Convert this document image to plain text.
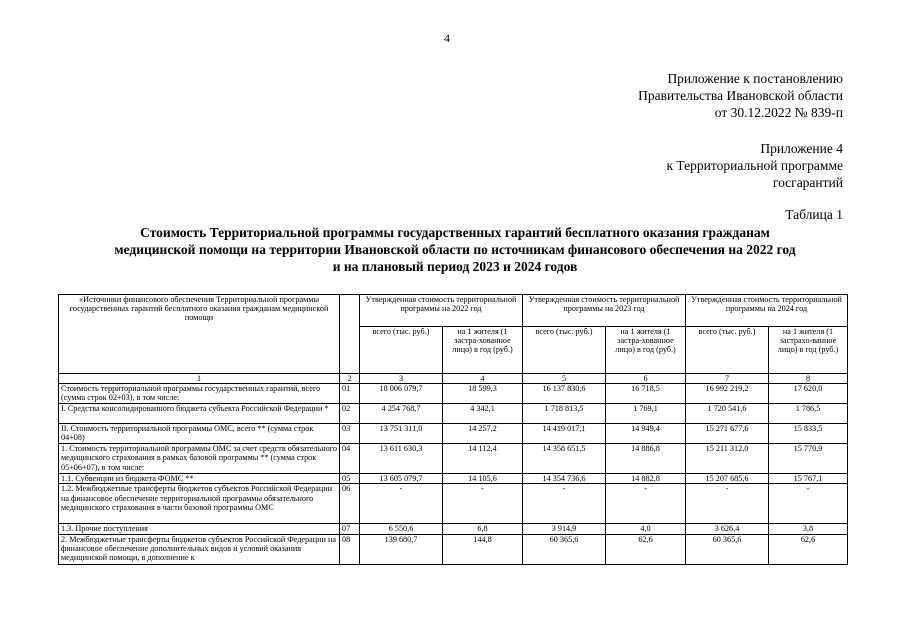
4
Приложение к постановлению
Правительства Ивановской области
от 30.12.2022 № 839-п
Приложение 4
к Территориальной программе
госгарантий
Таблица 1
Стоимость Территориальной программы государственных гарантий бесплатного оказания гражданам
медицинской помощи на территории Ивановской области по источникам финансового обеспечения на 2022 год
и на плановый период 2023 и 2024 годов
«Источники финансового обеспечения Территориальной программы государственных гарантий бесплатного оказания гражданам медицинской помощи		Утвержденная стоимость территориальной программы на 2022 год		Утвержденная стоимость территориальной программы на 2023 год		Утвержденная стоимость территориальной программы на 2024 год	
		всего (тыс. руб.)	на 1 жителя (1 застра-хованное лицо) в год (руб.)	всего (тыс. руб.)	на 1 жителя (1 застра-хованное лицо) в год (руб.)	всего (тыс. руб.)	на 1 жителя (1 застрахо-ванное лицо) в год (руб.)
1	2	3	4	5	6	7	8
Стоимость территориальной программы государственных гарантий, всего (сумма строк 02+03), в том числе:	01	18 006 079,7	18 599,3	16 137 830,6	16 718,5	16 992 219,2	17 620,0
I. Средства консолидированного бюджета субъекта Российской Федерации *	02	4 254 768,7	4 342,1	1 718 813,5	1 769,1	1 720 541,6	1 786,5
II. Стоимость территориальной программы ОМС, всего ** (сумма строк 04+08)	03	13 751 311,0	14 257,2	14 419 017,1	14 949,4	15 271 677,6	15 833,5
1. Стоимость территориальной программы ОМС за счет средств обязательного медицинского страхования в рамках базовой программы ** (сумма строк 05+06+07), в том числе:	04	13 611 630,3	14 112,4	14 358 651,5	14 886,8	15 211 312,0	15 770,9
1.1. Субвенции из бюджета ФОМС **	05	13 605 079,7	14 105,6	14 354 736,6	14 882,8	15 207 685,6	15 767,1
1.2. Межбюджетные трансферты бюджетов субъектов Российской Федерации на финансовое обеспечение территориальной программы обязательного медицинского страхования в части базовой программы ОМС	06	-	-	-	-	-	-
1.3. Прочие поступления	07	6 550,6	6,8	3 914,9	4,0	3 626,4	3,8
2. Межбюджетные трансферты бюджетов субъектов Российской Федерации на финансовое обеспечение дополнительных видов и условий оказания медицинской помощи, в дополнение к	08	139 680,7	144,8	60 365,6	62,6	60 365,6	62,6
